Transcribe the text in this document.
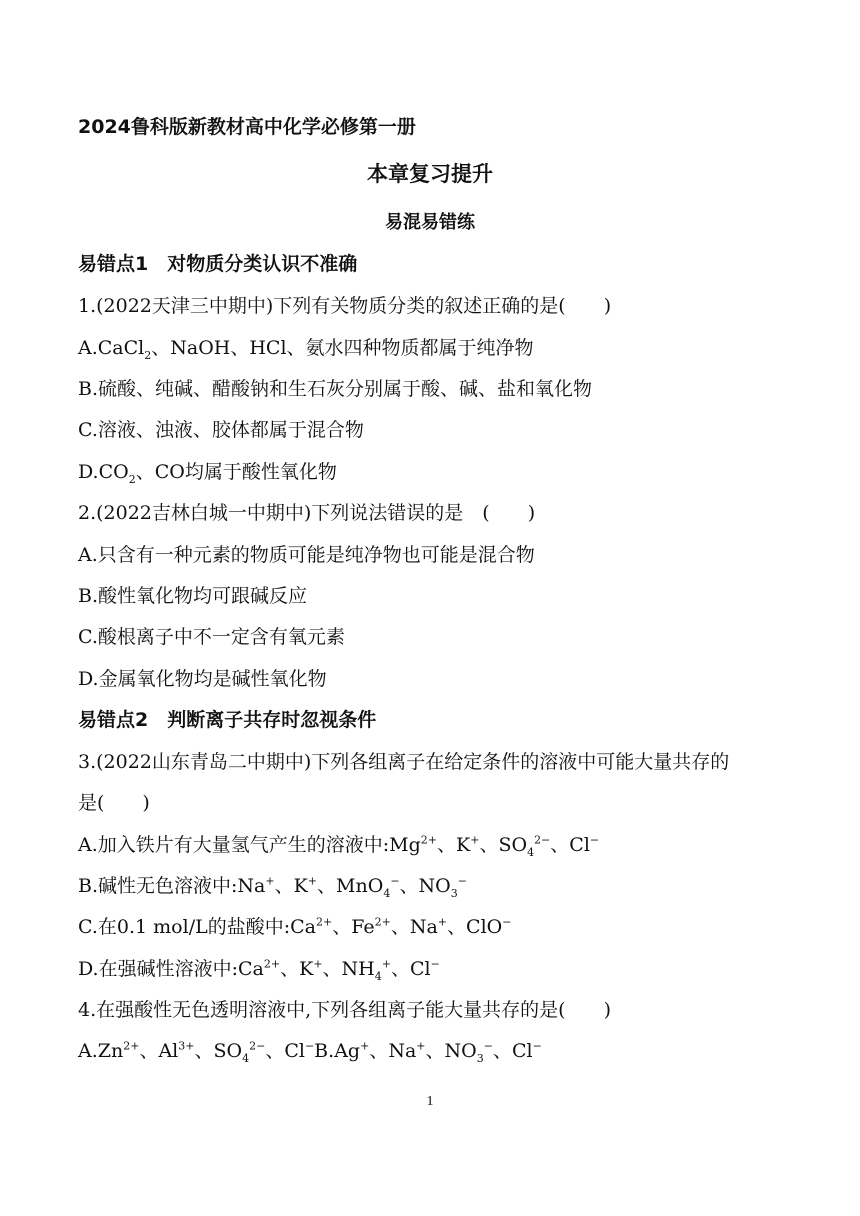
2024鲁科版新教材高中化学必修第一册
本章复习提升
易混易错练
易错点1　对物质分类认识不准确
1.(2022天津三中期中)下列有关物质分类的叙述正确的是(　　)
A.CaCl$_2$、NaOH、HCl、氨水四种物质都属于纯净物
B.硫酸、纯碱、醋酸钠和生石灰分别属于酸、碱、盐和氧化物
C.溶液、浊液、胶体都属于混合物
$D.CO_2$、CO均属于酸性氧化物
2.(2022吉林白城一中期中)下列说法错误的是　(　　)
A.只含有一种元素的物质可能是纯净物也可能是混合物
B.酸性氧化物均可跟碱反应
C.酸根离子中不一定含有氧元素
D.金属氧化物均是碱性氧化物
易错点2　判断离子共存时忽视条件
3.(2022山东青岛二中期中)下列各组离子在给定条件的溶液中可能大量共存的
是(　　)
A.加入铁片有大量氢气产生的溶液中$:Mg^{2+}$、K+、$SO_4^{2-}$、Cl−
B.碱性无色溶液中:Na+、K+、MnO$_4$−、$NO_3^-$
C.在0.1 mol/L的盐酸中$:Ca^{2+}$、$Fe^{2+}$、Na+、ClO−
D.在强碱性溶液中$:Ca^{2+}$、K+、$NH_4^+$、Cl−
4.在强酸性无色透明溶液中,下列各组离子能大量共存的是(　　)
$A.Zn^{2+}$、$Al^{3+}$、$SO_4^{2-}$、Cl−B.Ag+、Na+、$NO_3^-$、Cl−
1
